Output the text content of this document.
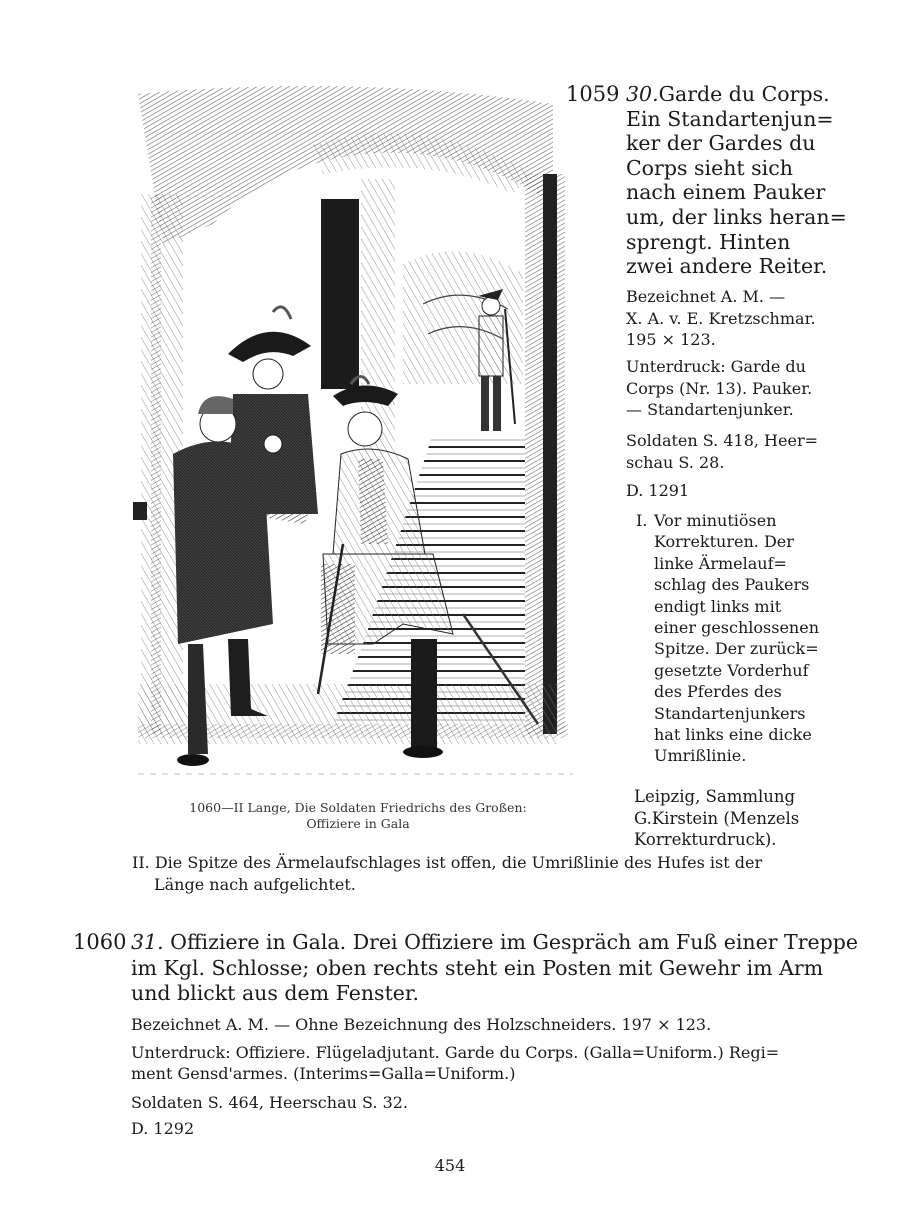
1060—II Lange, Die Soldaten Friedrichs des Großen:
Offiziere in Gala
1059 30.Garde du Corps.
Ein Standartenjun=
ker der Gardes du
Corps sieht sich
nach einem Pauker
um, der links heran=
sprengt. Hinten
zwei andere Reiter.
Bezeichnet A. M. —
X. A. v. E. Kretzschmar.
195 × 123.
Unterdruck: Garde du
Corps (Nr. 13). Pauker.
— Standartenjunker.
Soldaten S. 418, Heer=
schau S. 28.
D. 1291
I. Vor minutiösen
Korrekturen. Der
linke Ärmelauf=
schlag des Paukers
endigt links mit
einer geschlossenen
Spitze. Der zurück=
gesetzte Vorderhuf
des Pferdes des
Standartenjunkers
hat links eine dicke
Umrißlinie.
Leipzig, Sammlung
G.Kirstein (Menzels
Korrekturdruck).
II. Die Spitze des Ärmelaufschlages ist offen, die Umrißlinie des Hufes ist der
Länge nach aufgelichtet.
1060 31. Offiziere in Gala. Drei Offiziere im Gespräch am Fuß einer Treppe
im Kgl. Schlosse; oben rechts steht ein Posten mit Gewehr im Arm
und blickt aus dem Fenster.
Bezeichnet A. M. — Ohne Bezeichnung des Holzschneiders. 197 × 123.
Unterdruck: Offiziere. Flügeladjutant. Garde du Corps. (Galla=Uniform.) Regi=
ment Gensd'armes. (Interims=Galla=Uniform.)
Soldaten S. 464, Heerschau S. 32.
D. 1292
454
